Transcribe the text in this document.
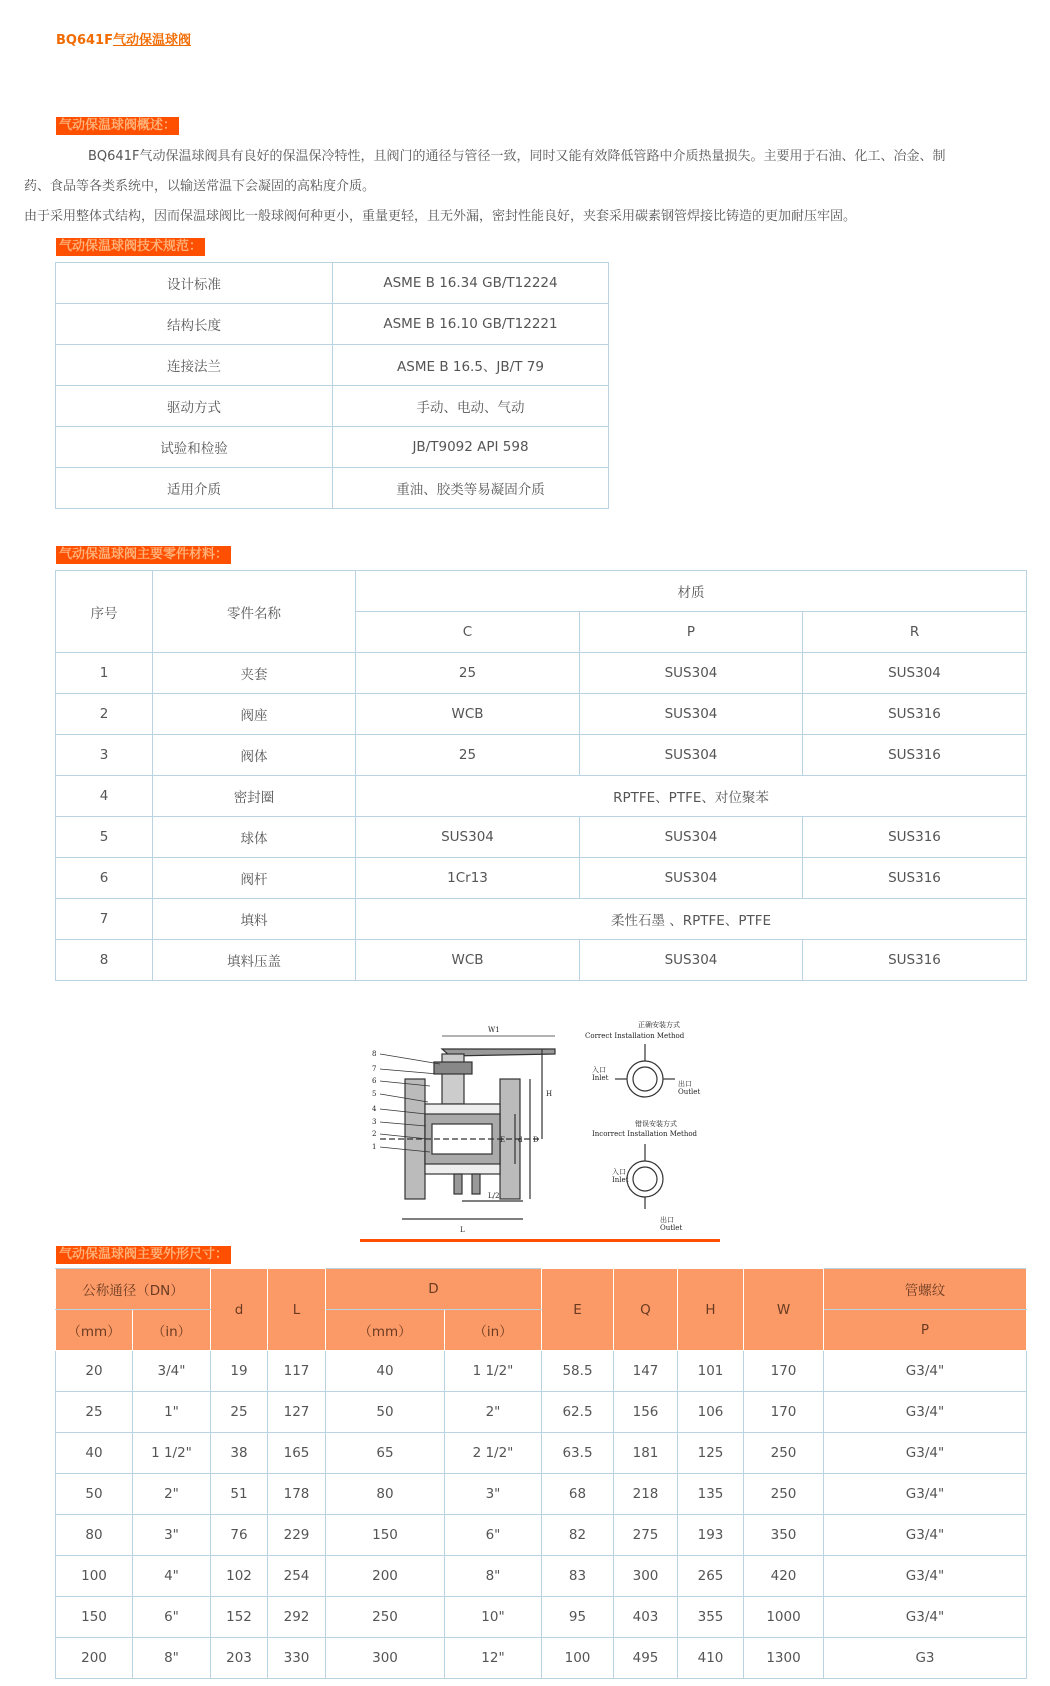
BQ641F气动保温球阀
气动保温球阀概述：
BQ641F气动保温球阀具有良好的保温保冷特性，且阀门的通径与管径一致，同时又能有效降低管路中介质热量损失。主要用于石油、化工、冶金、制
药、食品等各类系统中，以输送常温下会凝固的高粘度介质。
由于采用整体式结构，因而保温球阀比一般球阀何种更小，重量更轻，且无外漏，密封性能良好，夹套采用碳素钢管焊接比铸造的更加耐压牢固。
气动保温球阀技术规范：
设计标准	ASME B 16.34 GB/T12224
结构长度	ASME B 16.10 GB/T12221
连接法兰	ASME B 16.5、JB/T 79
驱动方式	手动、电动、气动
试验和检验	JB/T9092 API 598
适用介质	重油、胶类等易凝固介质
气动保温球阀主要零件材料：
序号	零件名称	材质		
		C	P	R
1	夹套	25	SUS304	SUS304
2	阀座	WCB	SUS304	SUS316
3	阀体	25	SUS304	SUS316
4	密封圈	RPTFE、PTFE、对位聚苯		
5	球体	SUS304	SUS304	SUS316
6	阀杆	1Cr13	SUS304	SUS316
7	填料	柔性石墨 、RPTFE、PTFE		
8	填料压盖	WCB	SUS304	SUS316
W1
H
D
d
E
L
L/2
8
7
6
5
4
3
2
1
正确安装方式
Correct Installation Method
入口
Inlet
出口
Outlet
错误安装方式
Incorrect Installation Method
入口
Inlet
出口
Outlet
气动保温球阀主要外形尺寸：
公称通径（DN）		d	L	D		E	Q	H	W	管螺纹
（mm）	（in）			（mm）	（in）					P
20	3/4"	19	117	40	1 1/2"	58.5	147	101	170	G3/4"
25	1"	25	127	50	2"	62.5	156	106	170	G3/4"
40	1 1/2"	38	165	65	2 1/2"	63.5	181	125	250	G3/4"
50	2"	51	178	80	3"	68	218	135	250	G3/4"
80	3"	76	229	150	6"	82	275	193	350	G3/4"
100	4"	102	254	200	8"	83	300	265	420	G3/4"
150	6"	152	292	250	10"	95	403	355	1000	G3/4"
200	8"	203	330	300	12"	100	495	410	1300	G3
